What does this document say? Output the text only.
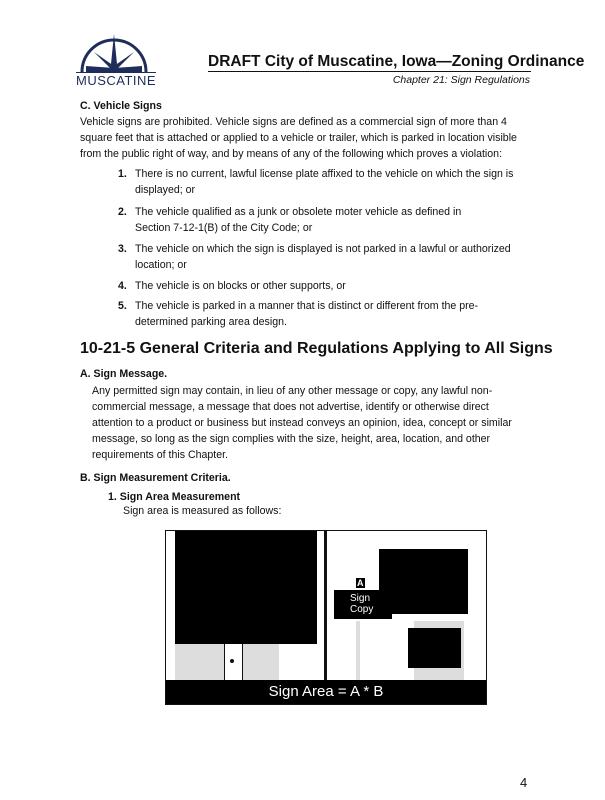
MUSCATINE
DRAFT City of Muscatine, Iowa—Zoning Ordinance
Chapter 21: Sign Regulations
C. Vehicle Signs
Vehicle signs are prohibited. Vehicle signs are defined as a commercial sign of more than 4 square feet that is attached or applied to a vehicle or trailer, which is parked in location visible from the public right of way, and by means of any of the following which proves a violation:
1. There is no current, lawful license plate affixed to the vehicle on which the sign is displayed; or
2. The vehicle qualified as a junk or obsolete moter vehicle as defined in Section 7-12-1(B) of the City Code; or
3. The vehicle on which the sign is displayed is not parked in a lawful or authorized location; or
4. The vehicle is on blocks or other supports, or
5. The vehicle is parked in a manner that is distinct or different from the pre-determined parking area design.
10-21-5 General Criteria and Regulations Applying to All Signs
A. Sign Message.
Any permitted sign may contain, in lieu of any other message or copy, any lawful non-commercial message, a message that does not advertise, identify or otherwise direct attention to a product or business but instead conveys an opinion, idea, concept or similar message, so long as the sign complies with the size, height, area, location, and other requirements of this Chapter.
B. Sign Measurement Criteria.
1. Sign Area Measurement
Sign area is measured as follows:
A
Sign Copy
Sign Area = A * B
4
